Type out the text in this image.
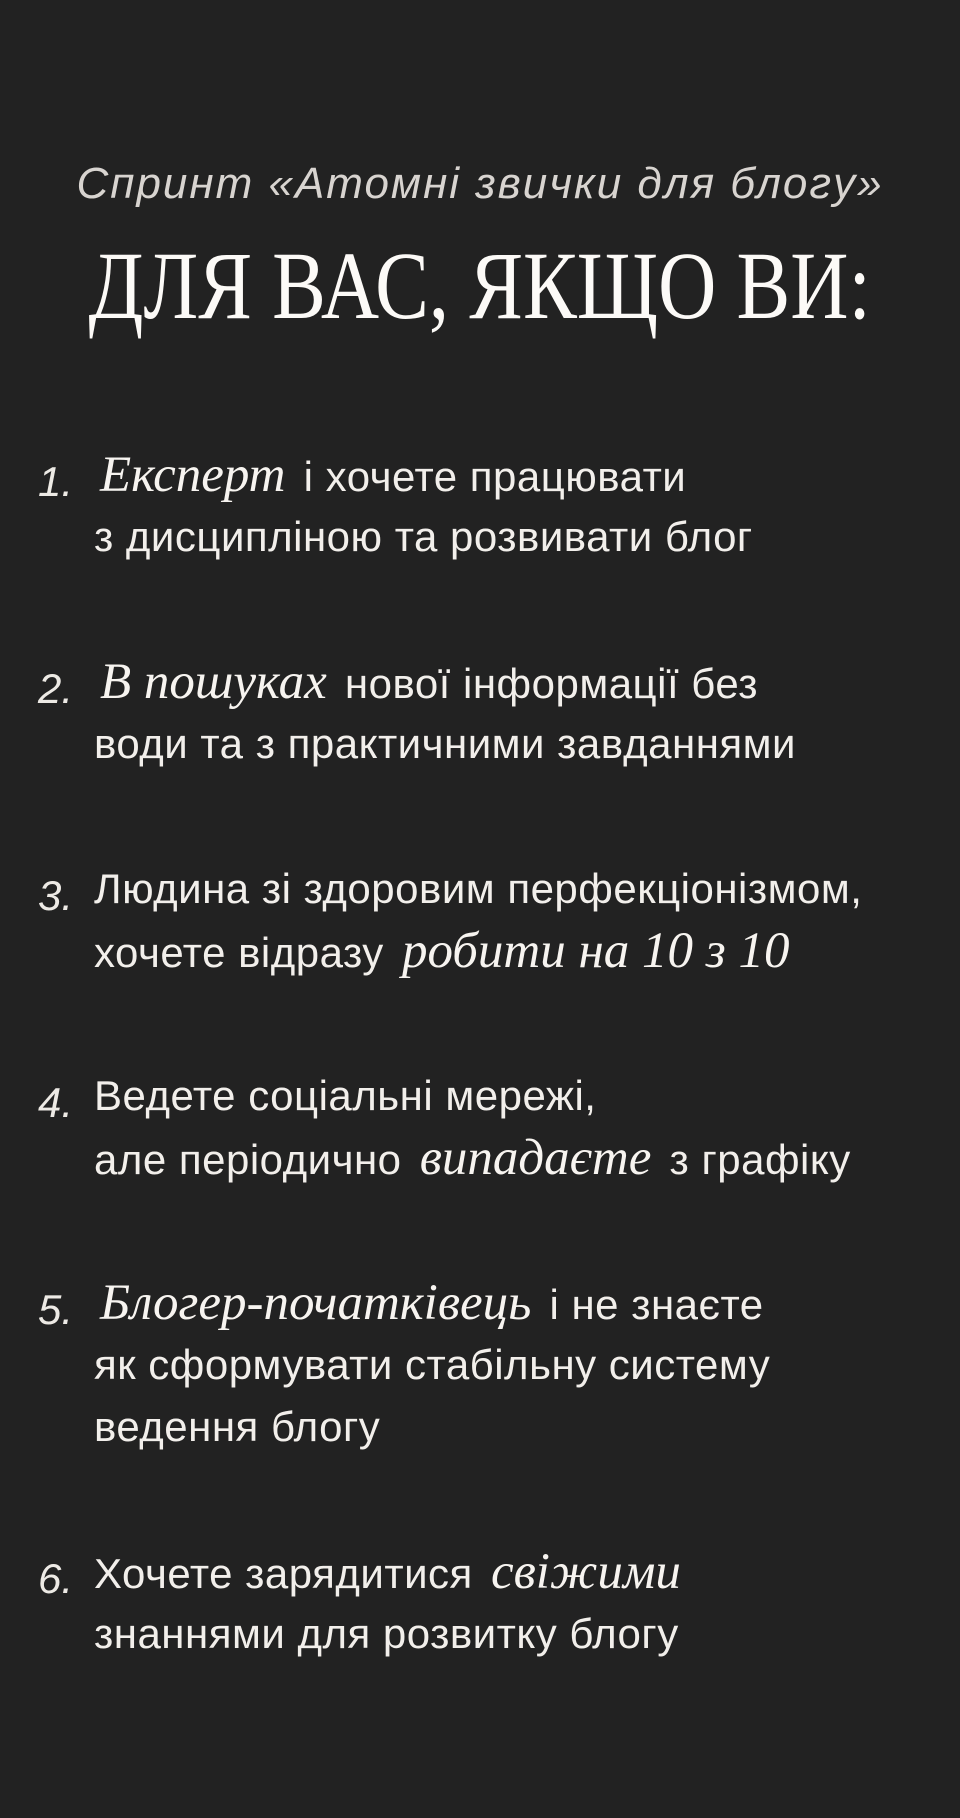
Спринт «Атомні звички для блогу»
ДЛЯ ВАС, ЯКЩО ВИ:
1. Експерт і хочете працювати
з дисципліною та розвивати блог
2. В пошуках нової інформації без
води та з практичними завданнями
3. Людина зі здоровим перфекціонізмом,
хочете відразу робити на 10 з 10
4. Ведете соціальні мережі,
але періодично випадаєте з графіку
5. Блогер-початківець і не знаєте
як сформувати стабільну систему
ведення блогу
6. Хочете зарядитися свіжими
знаннями для розвитку блогу
